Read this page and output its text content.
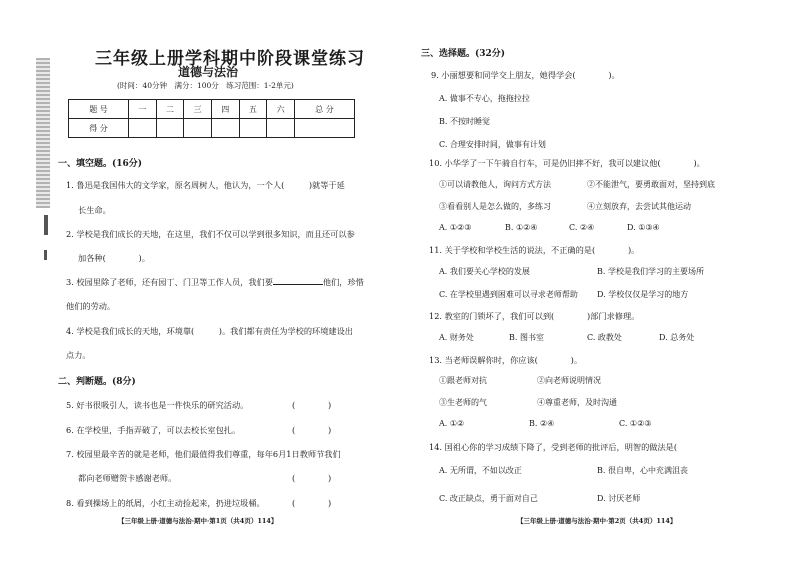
三年级上册学科期中阶段课堂练习
道德与法治
(时间：40分钟　满分：100分　练习范围：1-2单元)
题 号	一	二	三	四	五	六	总 分
得 分							
一、填空题。(16分)
1. 鲁迅是我国伟大的文学家，原名周树人，他认为，一个人(　　　)就等于延
长生命。
2. 学校是我们成长的天地，在这里，我们不仅可以学到很多知识，而且还可以参
加各种(　　　　)。
3. 校园里除了老师，还有园丁、门卫等工作人员，我们要	他们，珍惜
他们的劳动。
4. 学校是我们成长的天地，环境靠(　　　)。我们都有责任为学校的环境建设出
点力。
二、判断题。(8分)
5. 好书很吸引人，读书也是一件快乐的研究活动。	(　　　　)
6. 在学校里，手指弄破了，可以去校长室包扎。	(　　　　)
7. 校园里最辛苦的就是老师，他们最值得我们尊重，每年6月1日教师节我们
都向老师赠贺卡感谢老师。	(　　　　)
8. 看到操场上的纸屑，小红主动捡起来，扔进垃圾桶。	(　　　　)
【三年级上册·道德与法治·期中·第1页（共4页）114】
三、选择题。(32分)
9. 小丽想要和同学交上朋友，她得学会(　　　　)。
A. 做事不专心，拖拖拉拉
B. 不按时睡觉
C. 合理安排时间，做事有计划
10. 小华学了一下午骑自行车，可是仍旧摔不好，我可以建议他(　　　　)。
①可以请教他人，询问方式方法	②不能泄气，要勇敢面对，坚持到底
③看看别人是怎么做的，多练习	④立刻放弃，去尝试其他运动
A. ①②③	B. ①②④	C. ②④	D. ①③④
11. 关于学校和学校生活的说法，不正确的是(　　　　)。
A. 我们要关心学校的发展	B. 学校是我们学习的主要场所
C. 在学校里遇到困难可以寻求老师帮助 D. 学校仅仅是学习的地方
12. 教室的门锁坏了，我们可以到(　　　　)部门求修理。
A. 财务处	B. 图书室	C. 政教处	D. 总务处
13. 当老师误解你时，你应该(　　　　)。
①跟老师对抗	②向老师说明情况
③生老师的气	④尊重老师，及时沟通
A. ①②	B. ②④	C. ①②③
14. 国祖心你的学习成绩下降了，受到老师的批评后，明智的做法是(
A. 无所谓，不如以改正	B. 很自卑，心中充满沮丧
C. 改正缺点，勇于面对自己	D. 讨厌老师
【三年级上册·道德与法治·期中·第2页（共4页）114】
